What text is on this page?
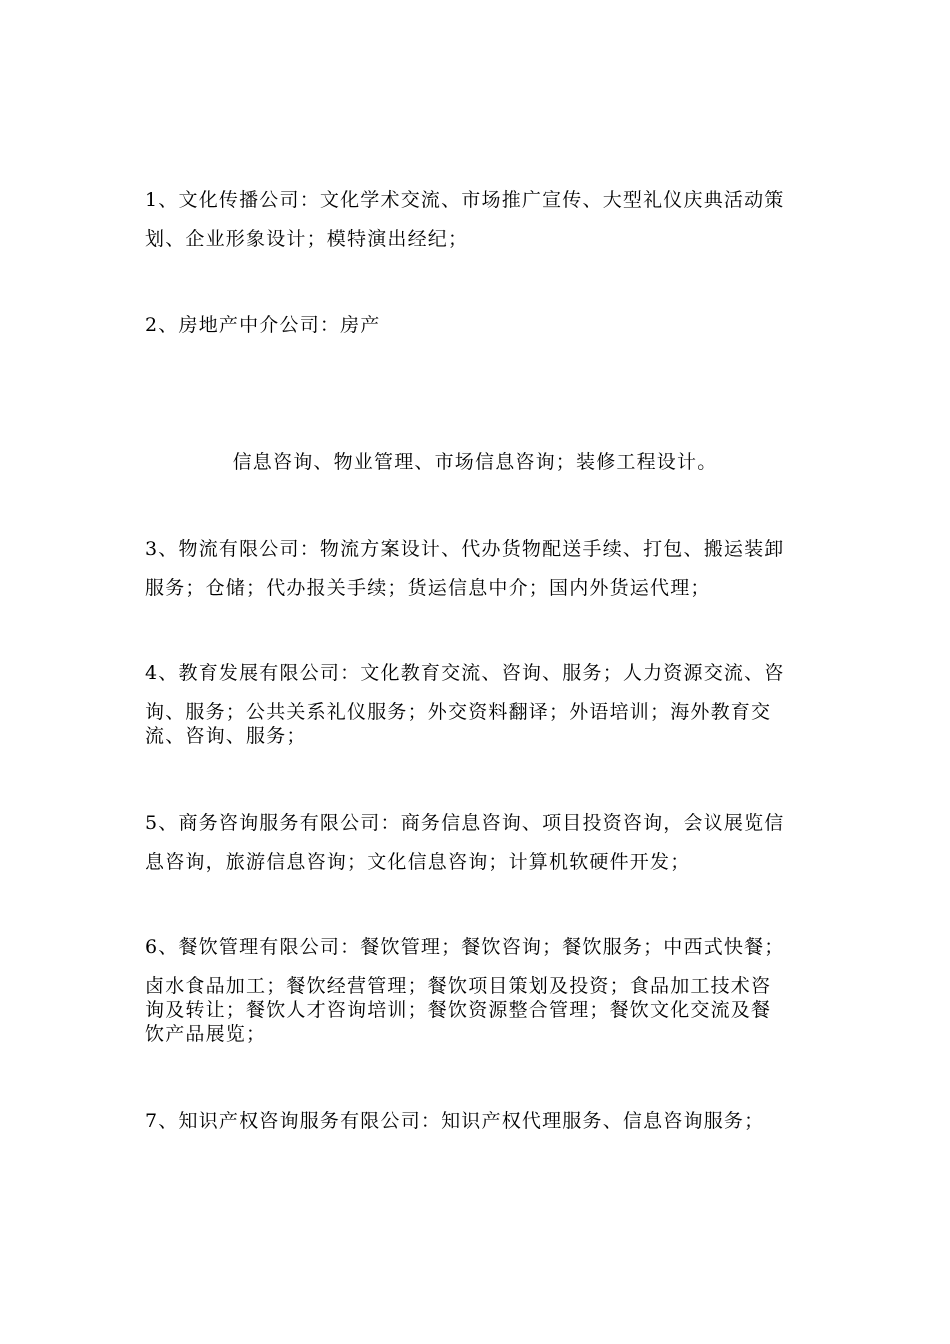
1、文化传播公司：文化学术交流、市场推广宣传、大型礼仪庆典活动策
划、企业形象设计；模特演出经纪；
2、房地产中介公司：房产
信息咨询、物业管理、市场信息咨询；装修工程设计。
3、物流有限公司：物流方案设计、代办货物配送手续、打包、搬运装卸
服务；仓储；代办报关手续；货运信息中介；国内外货运代理；
4、教育发展有限公司：文化教育交流、咨询、服务；人力资源交流、咨
询、服务；公共关系礼仪服务；外交资料翻译；外语培训；海外教育交
流、咨询、服务；
5、商务咨询服务有限公司：商务信息咨询、项目投资咨询，会议展览信
息咨询，旅游信息咨询；文化信息咨询；计算机软硬件开发；
6、餐饮管理有限公司：餐饮管理；餐饮咨询；餐饮服务；中西式快餐；
卤水食品加工；餐饮经营管理；餐饮项目策划及投资；食品加工技术咨
询及转让；餐饮人才咨询培训；餐饮资源整合管理；餐饮文化交流及餐
饮产品展览；
7、知识产权咨询服务有限公司：知识产权代理服务、信息咨询服务；
